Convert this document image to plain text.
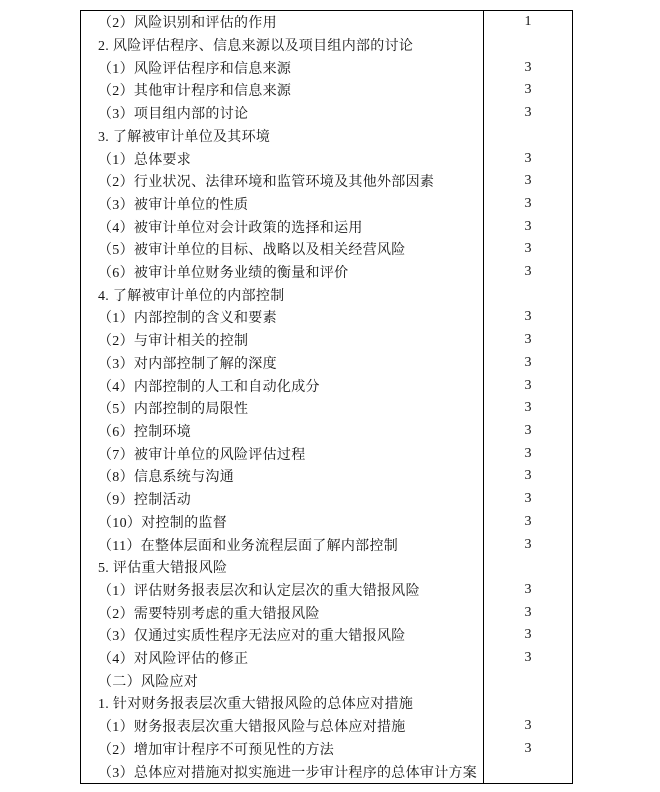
（2）风险识别和评估的作用	1
2. 风险评估程序、信息来源以及项目组内部的讨论
（1）风险评估程序和信息来源	3
（2）其他审计程序和信息来源	3
（3）项目组内部的讨论	3
3. 了解被审计单位及其环境
（1）总体要求	3
（2）行业状况、法律环境和监管环境及其他外部因素	3
（3）被审计单位的性质	3
（4）被审计单位对会计政策的选择和运用	3
（5）被审计单位的目标、战略以及相关经营风险	3
（6）被审计单位财务业绩的衡量和评价	3
4. 了解被审计单位的内部控制
（1）内部控制的含义和要素	3
（2）与审计相关的控制	3
（3）对内部控制了解的深度	3
（4）内部控制的人工和自动化成分	3
（5）内部控制的局限性	3
（6）控制环境	3
（7）被审计单位的风险评估过程	3
（8）信息系统与沟通	3
（9）控制活动	3
（10）对控制的监督	3
（11）在整体层面和业务流程层面了解内部控制	3
5. 评估重大错报风险
（1）评估财务报表层次和认定层次的重大错报风险	3
（2）需要特别考虑的重大错报风险	3
（3）仅通过实质性程序无法应对的重大错报风险	3
（4）对风险评估的修正	3
（二）风险应对
1. 针对财务报表层次重大错报风险的总体应对措施
（1）财务报表层次重大错报风险与总体应对措施	3
（2）增加审计程序不可预见性的方法	3
（3）总体应对措施对拟实施进一步审计程序的总体审计方案
